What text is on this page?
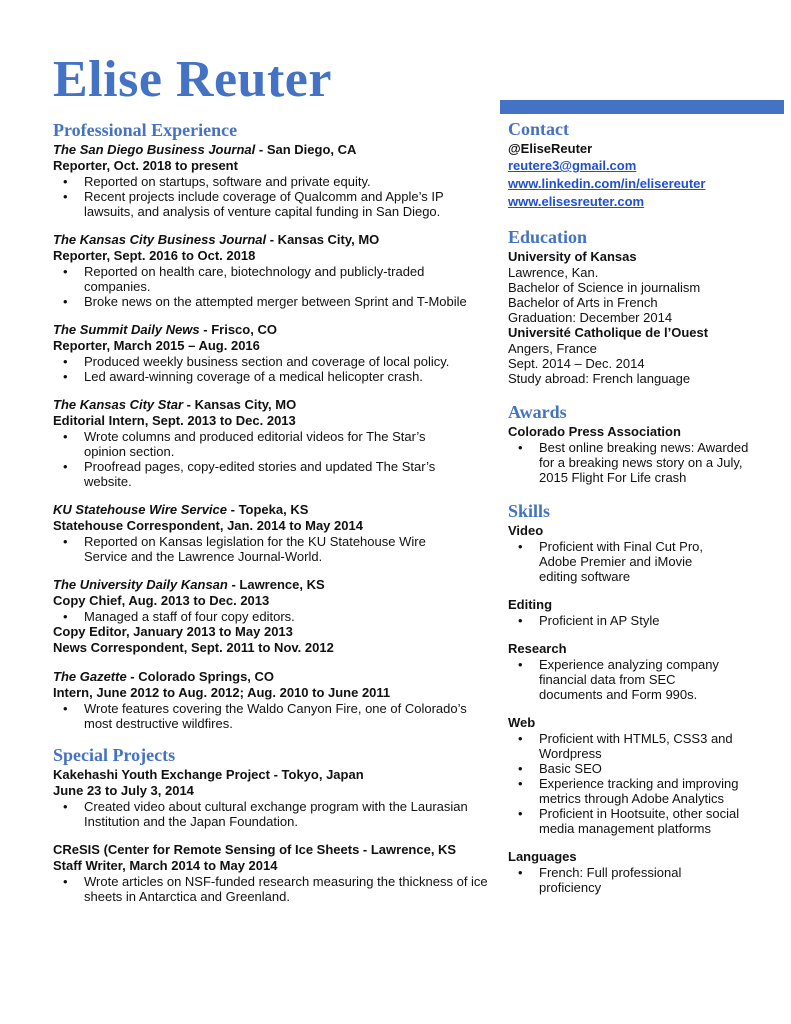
Elise Reuter
Professional Experience
The San Diego Business Journal - San Diego, CA
Reporter, Oct. 2018 to present
• Reported on startups, software and private equity.
• Recent projects include coverage of Qualcomm and Apple’s IP lawsuits, and analysis of venture capital funding in San Diego.
The Kansas City Business Journal - Kansas City, MO
Reporter, Sept. 2016 to Oct. 2018
• Reported on health care, biotechnology and publicly-traded companies.
• Broke news on the attempted merger between Sprint and T-Mobile
The Summit Daily News - Frisco, CO
Reporter, March 2015 – Aug. 2016
• Produced weekly business section and coverage of local policy.
• Led award-winning coverage of a medical helicopter crash.
The Kansas City Star - Kansas City, MO
Editorial Intern, Sept. 2013 to Dec. 2013
• Wrote columns and produced editorial videos for The Star’s opinion section.
• Proofread pages, copy-edited stories and updated The Star’s website.
KU Statehouse Wire Service - Topeka, KS
Statehouse Correspondent, Jan. 2014 to May 2014
• Reported on Kansas legislation for the KU Statehouse Wire Service and the Lawrence Journal-World.
The University Daily Kansan - Lawrence, KS
Copy Chief, Aug. 2013 to Dec. 2013
• Managed a staff of four copy editors.
Copy Editor, January 2013 to May 2013
News Correspondent, Sept. 2011 to Nov. 2012
The Gazette - Colorado Springs, CO
Intern, June 2012 to Aug. 2012; Aug. 2010 to June 2011
• Wrote features covering the Waldo Canyon Fire, one of Colorado’s most destructive wildfires.
Special Projects
Kakehashi Youth Exchange Project - Tokyo, Japan
June 23 to July 3, 2014
• Created video about cultural exchange program with the Laurasian Institution and the Japan Foundation.
CReSIS (Center for Remote Sensing of Ice Sheets - Lawrence, KS
Staff Writer, March 2014 to May 2014
• Wrote articles on NSF-funded research measuring the thickness of ice sheets in Antarctica and Greenland.
Contact
@EliseReuter
reutere3@gmail.com
www.linkedin.com/in/elisereuter
www.elisesreuter.com
Education
University of Kansas
Lawrence, Kan.
Bachelor of Science in journalism
Bachelor of Arts in French
Graduation: December 2014
Université Catholique de l’Ouest
Angers, France
Sept. 2014 – Dec. 2014
Study abroad: French language
Awards
Colorado Press Association
• Best online breaking news: Awarded for a breaking news story on a July, 2015 Flight For Life crash
Skills
Video
• Proficient with Final Cut Pro, Adobe Premier and iMovie editing software
Editing
• Proficient in AP Style
Research
• Experience analyzing company financial data from SEC documents and Form 990s.
Web
• Proficient with HTML5, CSS3 and Wordpress
• Basic SEO
• Experience tracking and improving metrics through Adobe Analytics
• Proficient in Hootsuite, other social media management platforms
Languages
• French: Full professional proficiency
